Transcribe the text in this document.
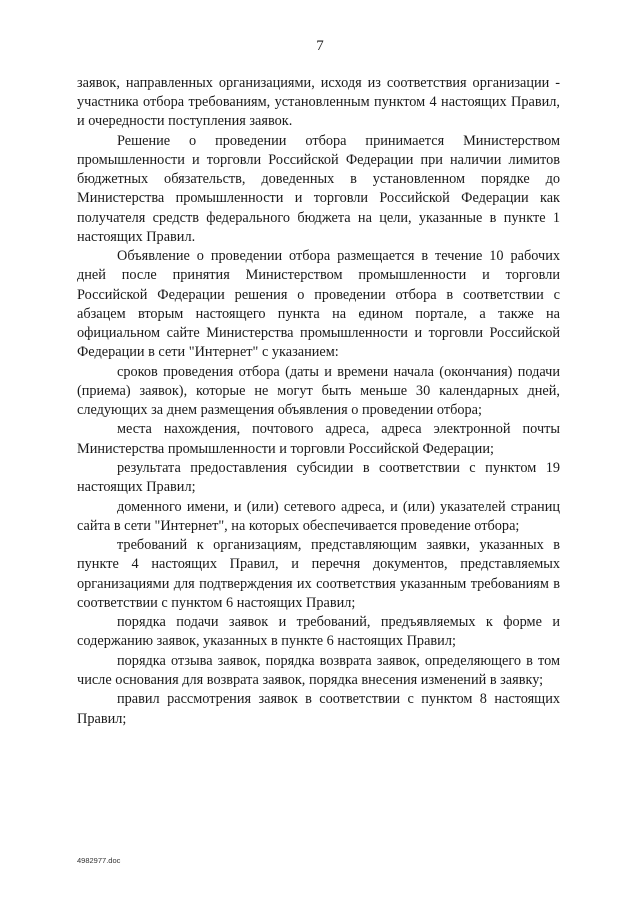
7

заявок, направленных организациями, исходя из соответствия организации - участника отбора требованиям, установленным пунктом 4 настоящих Правил, и очередности поступления заявок.

Решение о проведении отбора принимается Министерством промышленности и торговли Российской Федерации при наличии лимитов бюджетных обязательств, доведенных в установленном порядке до Министерства промышленности и торговли Российской Федерации как получателя средств федерального бюджета на цели, указанные в пункте 1 настоящих Правил.

Объявление о проведении отбора размещается в течение 10 рабочих дней после принятия Министерством промышленности и торговли Российской Федерации решения о проведении отбора в соответствии с абзацем вторым настоящего пункта на едином портале, а также на официальном сайте Министерства промышленности и торговли Российской Федерации в сети "Интернет" с указанием:

сроков проведения отбора (даты и времени начала (окончания) подачи (приема) заявок), которые не могут быть меньше 30 календарных дней, следующих за днем размещения объявления о проведении отбора;

места нахождения, почтового адреса, адреса электронной почты Министерства промышленности и торговли Российской Федерации;

результата предоставления субсидии в соответствии с пунктом 19 настоящих Правил;

доменного имени, и (или) сетевого адреса, и (или) указателей страниц сайта в сети "Интернет", на которых обеспечивается проведение отбора;

требований к организациям, представляющим заявки, указанных в пункте 4 настоящих Правил, и перечня документов, представляемых организациями для подтверждения их соответствия указанным требованиям в соответствии с пунктом 6 настоящих Правил;

порядка подачи заявок и требований, предъявляемых к форме и содержанию заявок, указанных в пункте 6 настоящих Правил;

порядка отзыва заявок, порядка возврата заявок, определяющего в том числе основания для возврата заявок, порядка внесения изменений в заявку;

правил рассмотрения заявок в соответствии с пунктом 8 настоящих Правил;

4982977.doc
